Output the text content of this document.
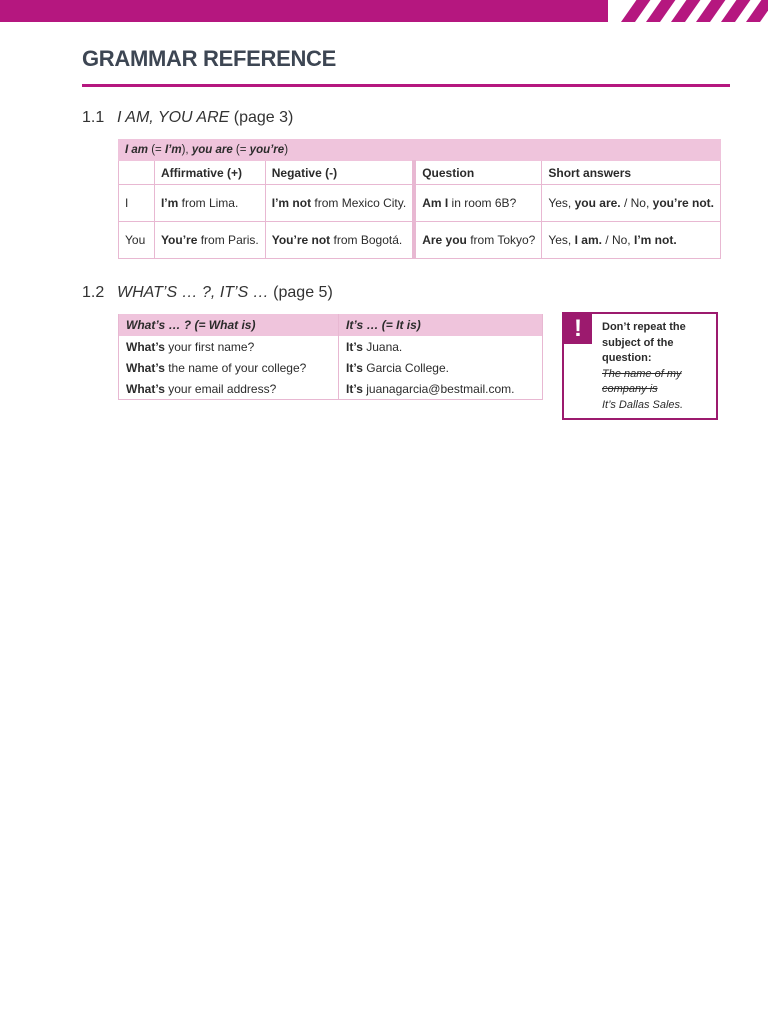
GRAMMAR REFERENCE
1.1 I AM, YOU ARE (page 3)
I am (= I’m), you are (= you’re)				
	Affirmative (+)	Negative (-)	Question	Short answers
I	I’m from Lima.	I’m not from Mexico City.	Am I in room 6B?	Yes, you are. / No, you’re not.
You	You’re from Paris.	You’re not from Bogotá.	Are you from Tokyo?	Yes, I am. / No, I’m not.
1.2 WHAT’S … ?, IT’S … (page 5)
What’s … ? (= What is)	It’s … (= It is)
What’s your first name?	It’s Juana.
What’s the name of your college?	It’s Garcia College.
What’s your email address?	It’s juanagarcia@bestmail.com.
!	Don’t repeat the subject of the question:
The name of my company is
It’s Dallas Sales.
